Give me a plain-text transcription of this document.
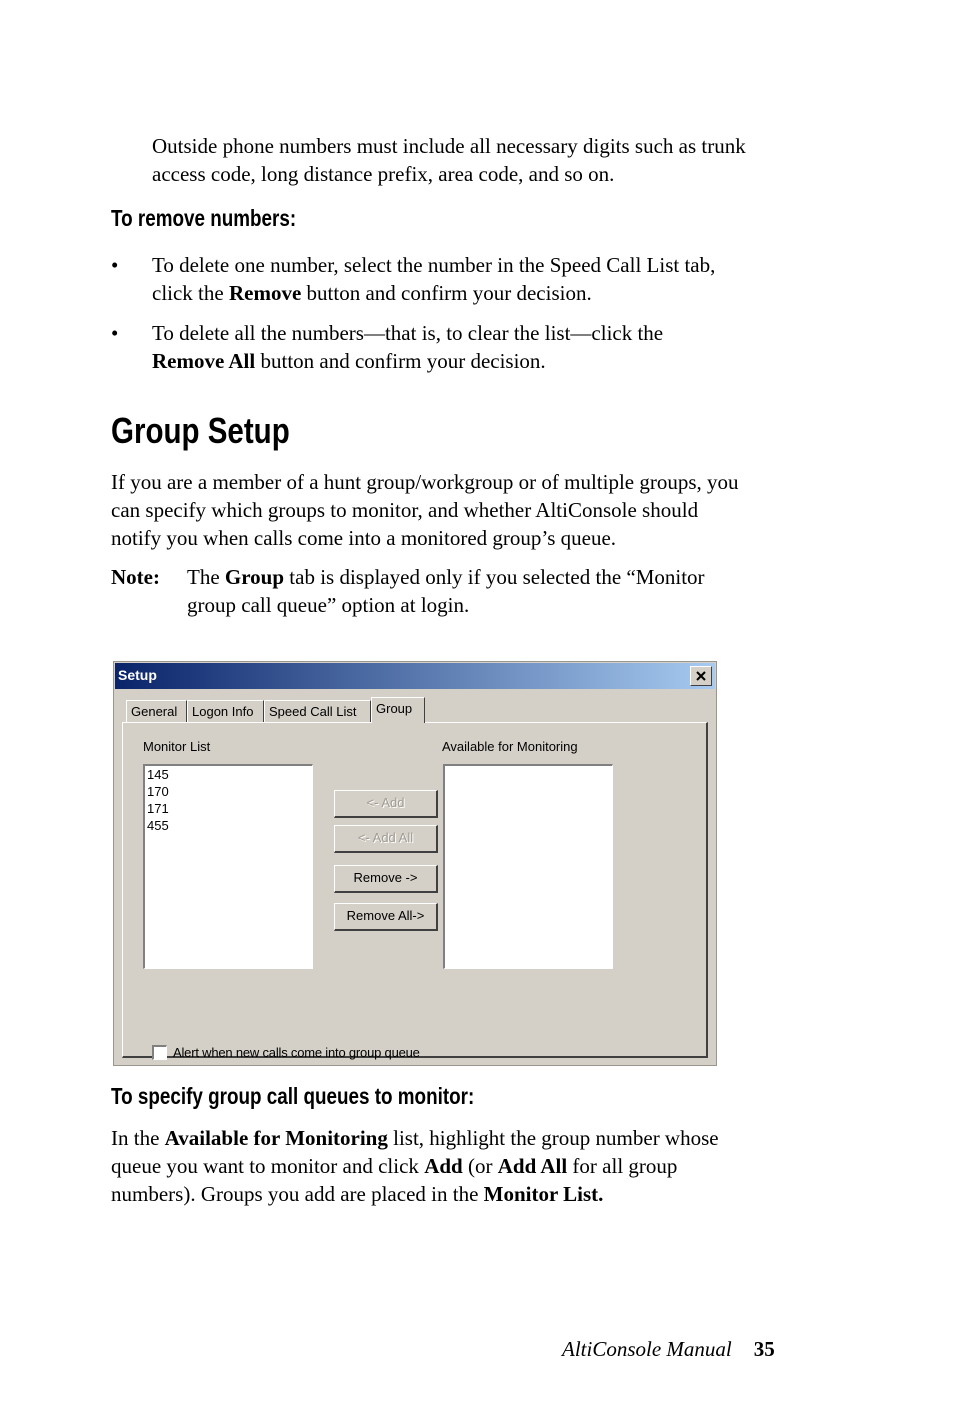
Outside phone numbers must include all necessary digits such as trunk
access code, long distance prefix, area code, and so on.
To remove numbers:
• To delete one number, select the number in the Speed Call List tab,
click the Remove button and confirm your decision.
• To delete all the numbers—that is, to clear the list—click the
Remove All button and confirm your decision.
Group Setup
If you are a member of a hunt group/workgroup or of multiple groups, you
can specify which groups to monitor, and whether AltiConsole should
notify you when calls come into a monitored group’s queue.
Note: The Group tab is displayed only if you selected the “Monitor
group call queue” option at login.
Setup
General	Logon Info	Speed Call List	Group
Monitor List
145
170
171
455
<- Add
<- Add All
Remove ->
Remove All->
Available for Monitoring
Alert when new calls come into group queue
To specify group call queues to monitor:
In the Available for Monitoring list, highlight the group number whose
queue you want to monitor and click Add (or Add All for all group
numbers). Groups you add are placed in the Monitor List.
AltiConsole Manual 35
